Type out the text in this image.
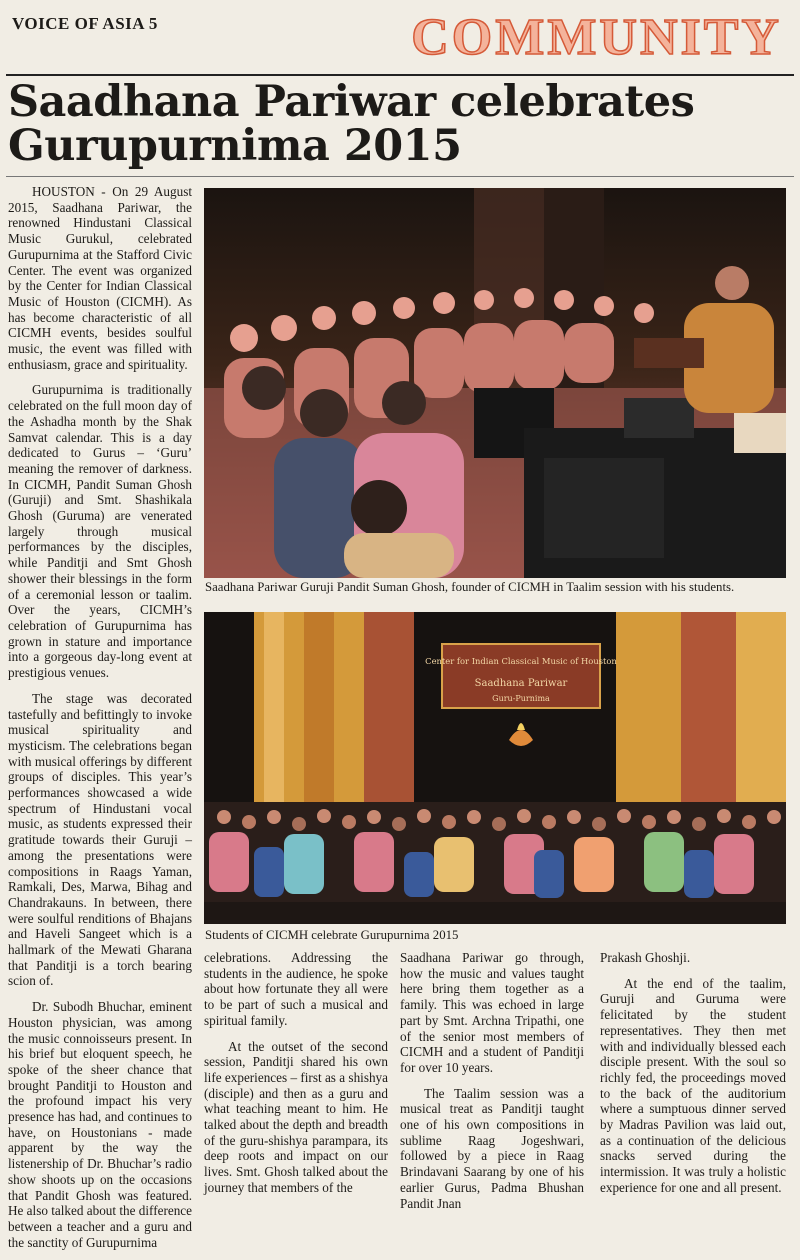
VOICE OF ASIA 5	COMMUNITY
Saadhana Pariwar celebrates
Gurupurnima 2015

HOUSTON - On 29 August 2015, Saadhana Pariwar, the renowned Hindustani Classical Music Gurukul, celebrated Gurupurnima at the Stafford Civic Center. The event was organized by the Center for Indian Classical Music of Houston (CICMH). As has become characteristic of all CICMH events, besides soulful music, the event was filled with enthusiasm, grace and spirituality.

Gurupurnima is traditionally celebrated on the full moon day of the Ashadha month by the Shak Samvat calendar. This is a day dedicated to Gurus – ‘Guru’ meaning the remover of darkness. In CICMH, Pandit Suman Ghosh (Guruji) and Smt. Shashikala Ghosh (Guruma) are venerated largely through musical performances by the disciples, while Panditji and Smt Ghosh shower their blessings in the form of a ceremonial lesson or taalim. Over the years, CICMH’s celebration of Gurupurnima has grown in stature and importance into a gorgeous day-long event at prestigious venues.

The stage was decorated tastefully and befittingly to invoke musical spirituality and mysticism. The celebrations began with musical offerings by different groups of disciples. This year’s performances showcased a wide spectrum of Hindustani vocal music, as students expressed their gratitude towards their Guruji – among the presentations were compositions in Raags Yaman, Ramkali, Des, Marwa, Bihag and Chandrakauns. In between, there were soulful renditions of Bhajans and Haveli Sangeet which is a hallmark of the Mewati Gharana that Panditji is a torch bearing scion of.

Dr. Subodh Bhuchar, eminent Houston physician, was among the music connoisseurs present. In his brief but eloquent speech, he spoke of the sheer chance that brought Panditji to Houston and the profound impact his very presence has had, and continues to have, on Houstonians - made apparent by the way the listenership of Dr. Bhuchar’s radio show shoots up on the occasions that Pandit Ghosh was featured. He also talked about the difference between a teacher and a guru and the sanctity of Gurupurnima

Saadhana Pariwar Guruji Pandit Suman Ghosh, founder of CICMH in Taalim session with his students.
Center for Indian Classical Music of Houston
Saadhana Pariwar
Guru-Purnima
Students of CICMH celebrate Gurupurnima 2015

celebrations. Addressing the students in the audience, he spoke about how fortunate they all were to be part of such a musical and spiritual family.

At the outset of the second session, Panditji shared his own life experiences – first as a shishya (disciple) and then as a guru and what teaching meant to him. He talked about the depth and breadth of the guru-shishya parampara, its deep roots and impact on our lives. Smt. Ghosh talked about the journey that members of the

Saadhana Pariwar go through, how the music and values taught here bring them together as a family. This was echoed in large part by Smt. Archna Tripathi, one of the senior most members of CICMH and a student of Panditji for over 10 years.

The Taalim session was a musical treat as Panditji taught one of his own compositions in sublime Raag Jogeshwari, followed by a piece in Raag Brindavani Saarang by one of his earlier Gurus, Padma Bhushan Pandit Jnan

Prakash Ghoshji.

At the end of the taalim, Guruji and Guruma were felicitated by the student representatives. They then met with and individually blessed each disciple present. With the soul so richly fed, the proceedings moved to the back of the auditorium where a sumptuous dinner served by Madras Pavilion was laid out, as a continuation of the delicious snacks served during the intermission. It was truly a holistic experience for one and all present.
